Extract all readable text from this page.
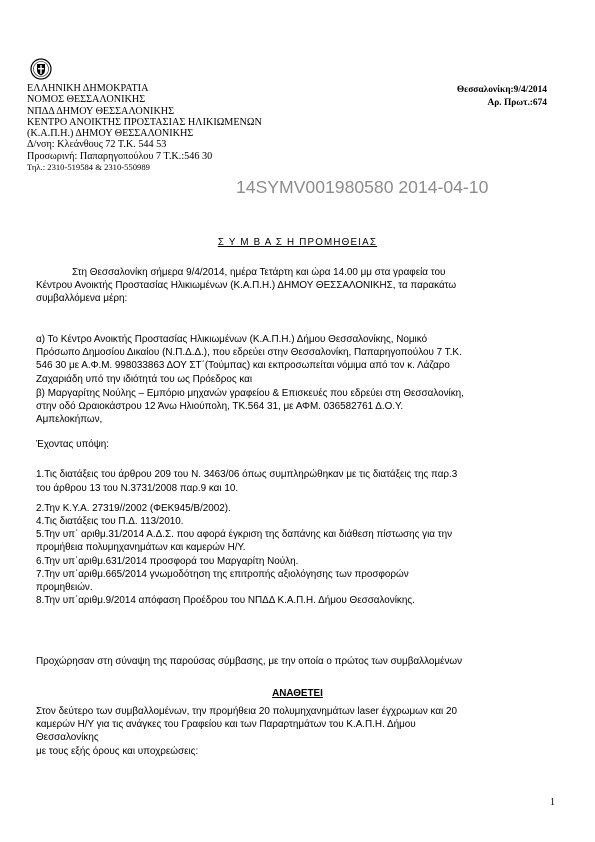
ΕΛΛΗΝΙΚΗ ΔΗΜΟΚΡΑΤΙΑ
ΝΟΜΟΣ ΘΕΣΣΑΛΟΝΙΚΗΣ
ΝΠΔΔ ΔΗΜΟΥ ΘΕΣΣΑΛΟΝΙΚΗΣ
ΚΕΝΤΡΟ ΑΝΟΙΚΤΗΣ ΠΡΟΣΤΑΣΙΑΣ ΗΛΙΚΙΩΜΕΝΩΝ
(Κ.Α.Π.Η.) ΔΗΜΟΥ ΘΕΣΣΑΛΟΝΙΚΗΣ
Δ/νση: Κλεάνθους 72 Τ.Κ. 544 53
Προσωρινή: Παπαρηγοπούλου 7 Τ.Κ.:546 30
Τηλ.: 2310-519584 & 2310-550989
Θεσσαλονίκη:9/4/2014
Αρ. Πρωτ.:674
14SYMV001980580 2014-04-10
Σ Υ Μ Β Α Σ Η ΠΡΟΜΗΘΕΙΑΣ
Στη Θεσσαλονίκη σήμερα 9/4/2014, ημέρα Τετάρτη και ώρα 14.00 μμ στα γραφεία του
Κέντρου Ανοικτής Προστασίας Ηλικιωμένων (Κ.Α.Π.Η.) ΔΗΜΟΥ ΘΕΣΣΑΛΟΝΙΚΗΣ, τα παρακάτω
συμβαλλόμενα μέρη:
α) Το Κέντρο Ανοικτής Προστασίας Ηλικιωμένων (Κ.Α.Π.Η.) Δήμου Θεσσαλονίκης, Νομικό
Πρόσωπο Δημοσίου Δικαίου (Ν.Π.Δ.Δ.), που εδρεύει στην Θεσσαλονίκη, Παπαρηγοπούλου 7 Τ.Κ.
546 30 με Α.Φ.Μ. 998033863 ΔΟΥ ΣΤ΄(Τούμπας) και εκπροσωπείται νόμιμα από τον κ. Λάζαρο
Ζαχαριάδη υπό την ιδιότητά του ως Πρόεδρος και
β) Μαργαρίτης Νούλης – Εμπόριο μηχανών γραφείου & Επισκευές που εδρεύει στη Θεσσαλονίκη,
στην οδό Ωραιοκάστρου 12 Άνω Ηλιούπολη, ΤΚ.564 31, με ΑΦΜ. 036582761 Δ.Ο.Υ.
Αμπελοκήπων,
Έχοντας υπόψη:
1.Τις διατάξεις του άρθρου 209 του Ν. 3463/06 όπως συμπληρώθηκαν με τις διατάξεις της παρ.3
του άρθρου 13 του Ν.3731/2008 παρ.9 και 10.
2.Την Κ.Υ.Α. 27319//2002 (ΦΕΚ945/Β/2002).
4.Τις διατάξεις του Π.Δ. 113/2010.
5.Την υπ΄ αριθμ.31/2014 Α.Δ.Σ. που αφορά έγκριση της δαπάνης και διάθεση πίστωσης για την
προμήθεια πολυμηχανημάτων και καμερών Η/Υ.
6.Την υπ΄αριθμ.631/2014 προσφορά του Μαργαρίτη Νούλη.
7.Την υπ΄αριθμ.665/2014 γνωμοδότηση της επιτροπής αξιολόγησης των προσφορών
προμηθειών.
8.Την υπ΄αριθμ.9/2014 απόφαση Προέδρου του ΝΠΔΔ Κ.Α.Π.Η. Δήμου Θεσσαλονίκης.
Προχώρησαν στη σύναψη της παρούσας σύμβασης, με την οποία ο πρώτος των συμβαλλομένων
ΑΝΑΘΕΤΕΙ
Στον δεύτερο των συμβαλλομένων, την προμήθεια 20 πολυμηχανημάτων laser έγχρωμων και 20
καμερών Η/Υ για τις ανάγκες του Γραφείου και των Παραρτημάτων του Κ.Α.Π.Η. Δήμου
Θεσσαλονίκης
με τους εξής όρους και υποχρεώσεις:
1
